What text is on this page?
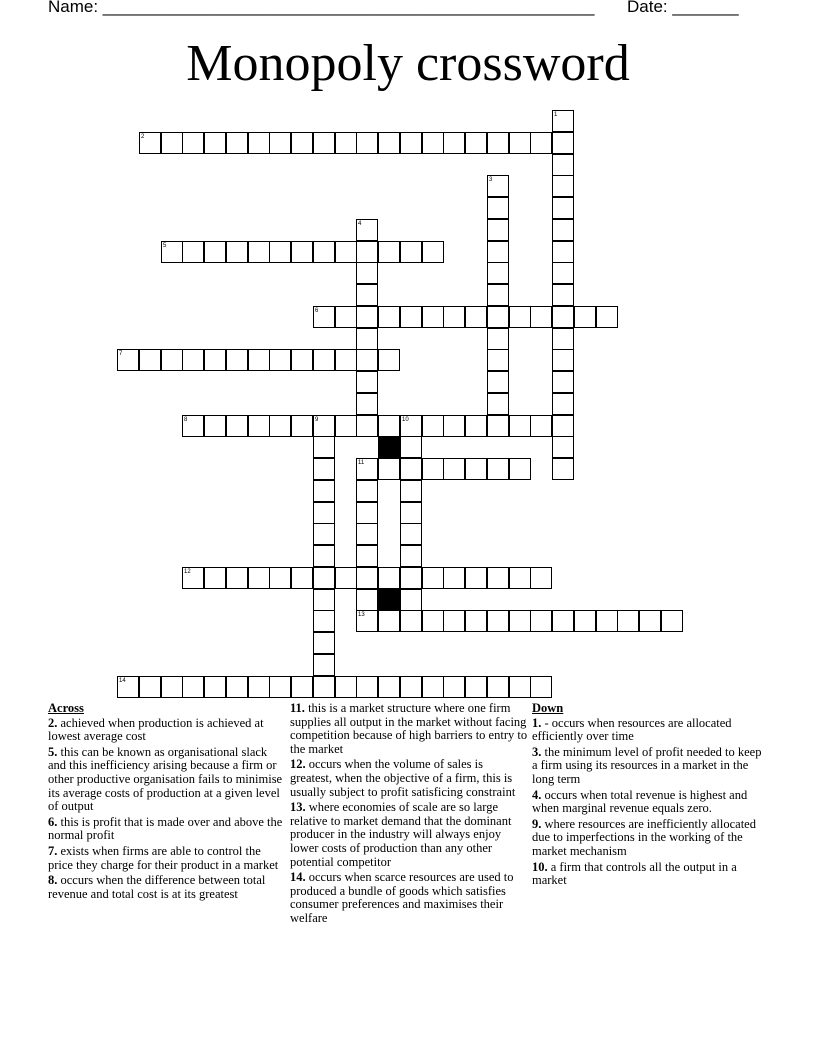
Name: ____________________________________________________ Date: _______
Monopoly crossword
1
2
3
4
5
6
7
8	9	10
11
12
13
14
Across
2. achieved when production is achieved at lowest average cost
5. this can be known as organisational slack and this inefficiency arising because a firm or other productive organisation fails to minimise its average costs of production at a given level of output
6. this is profit that is made over and above the normal profit
7. exists when firms are able to control the price they charge for their product in a market
8. occurs when the difference between total revenue and total cost is at its greatest
11. this is a market structure where one firm supplies all output in the market without facing competition because of high barriers to entry to the market
12. occurs when the volume of sales is greatest, when the objective of a firm, this is usually subject to profit satisficing constraint
13. where economies of scale are so large relative to market demand that the dominant producer in the industry will always enjoy lower costs of production than any other potential competitor
14. occurs when scarce resources are used to produced a bundle of goods which satisfies consumer preferences and maximises their welfare
Down
1. - occurs when resources are allocated efficiently over time
3. the minimum level of profit needed to keep a firm using its resources in a market in the long term
4. occurs when total revenue is highest and when marginal revenue equals zero.
9. where resources are inefficiently allocated due to imperfections in the working of the market mechanism
10. a firm that controls all the output in a market
